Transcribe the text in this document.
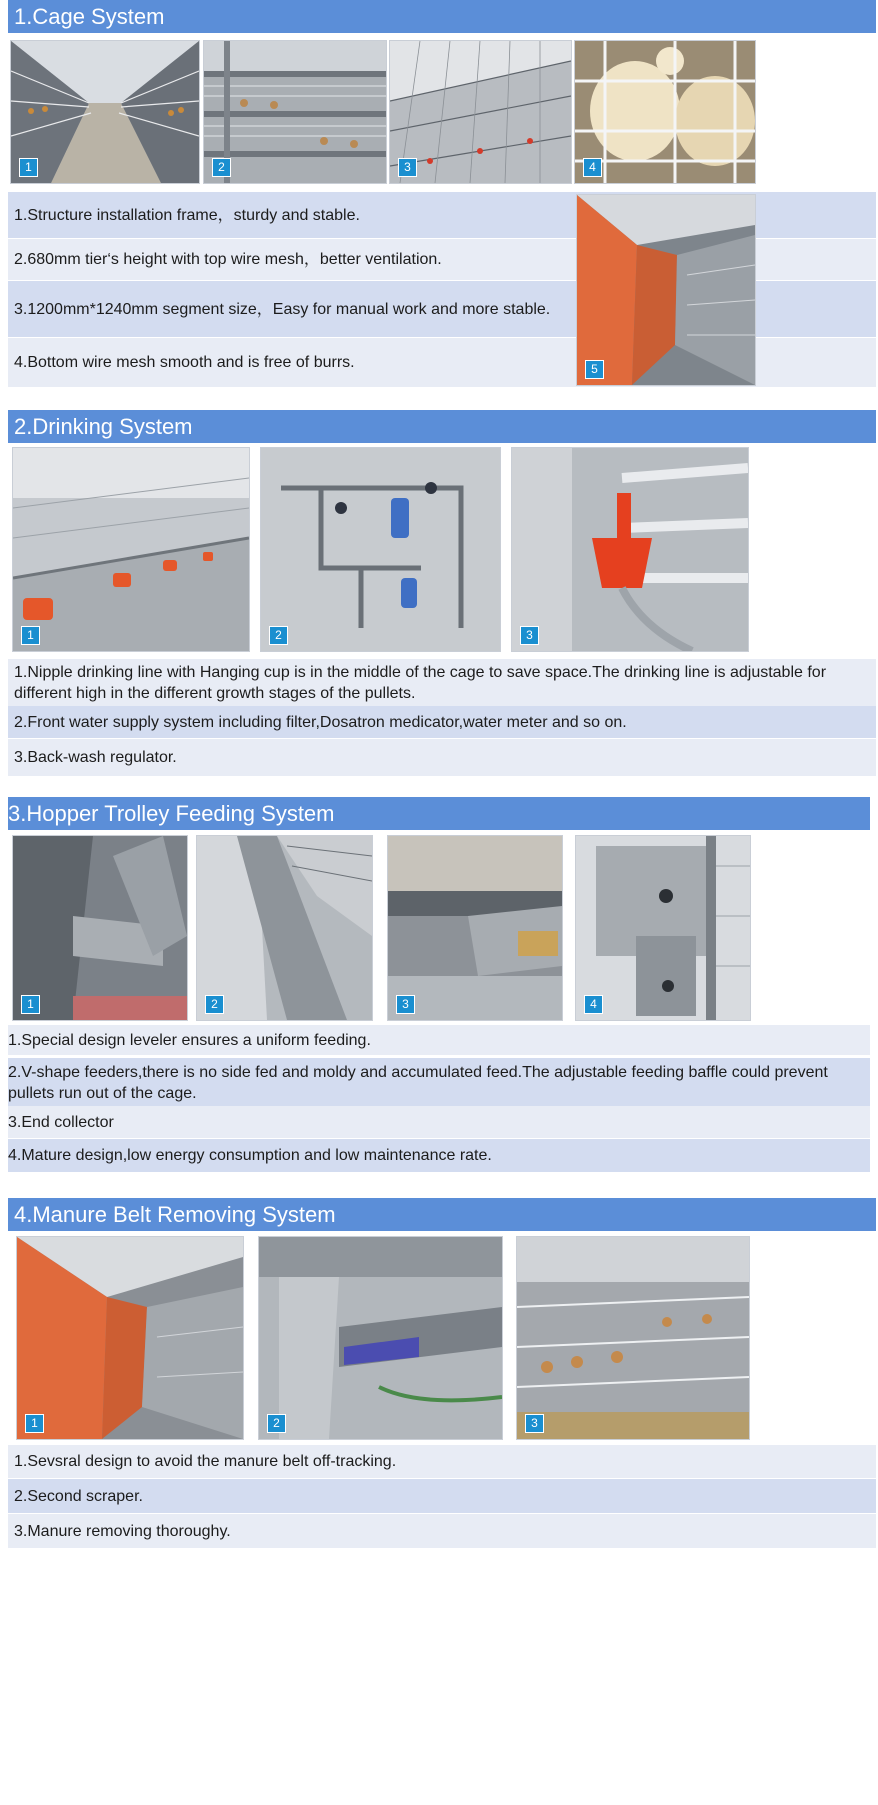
1.Cage System
1	2	3	4
1.Structure installation frame，sturdy and stable.
2.680mm tier‘s height with top wire mesh，better ventilation.
3.1200mm*1240mm segment size，Easy for manual work and more stable.
4.Bottom wire mesh smooth and is free of burrs.	5
2.Drinking System
1	2	3
1.Nipple drinking line with Hanging cup is in the middle of the cage to save space.The drinking line is adjustable for different high in the different growth stages of the pullets.
2.Front water supply system including filter,Dosatron medicator,water meter and so on.
3.Back-wash regulator.
3.Hopper Trolley Feeding System
1	2	3	4
1.Special design leveler ensures a uniform feeding.
2.V-shape feeders,there is no side fed and moldy and accumulated feed.The adjustable feeding baffle could prevent pullets run out of the cage.
3.End collector
4.Mature design,low energy consumption and low maintenance rate.
4.Manure Belt Removing System
1	2	3
1.Sevsral design to avoid the manure belt off-tracking.
2.Second scraper.
3.Manure removing thoroughy.
